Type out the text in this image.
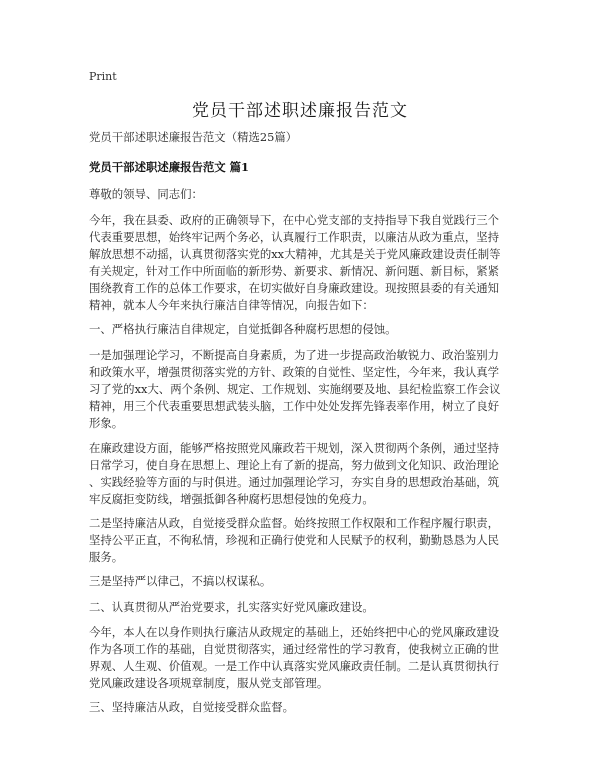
Print
党员干部述职述廉报告范文
党员干部述职述廉报告范文（精选25篇）
党员干部述职述廉报告范文 篇1
尊敬的领导、同志们：
今年，我在县委、政府的正确领导下，在中心党支部的支持指导下我自觉践行三个
代表重要思想，始终牢记两个务必，认真履行工作职责，以廉洁从政为重点，坚持
解放思想不动摇，认真贯彻落实党的xx大精神，尤其是关于党风廉政建设责任制等
有关规定，针对工作中所面临的新形势、新要求、新情况、新问题、新目标，紧紧
围绕教育工作的总体工作要求，在切实做好自身廉政建设。现按照县委的有关通知
精神，就本人今年来执行廉洁自律等情况，向报告如下：
一、严格执行廉洁自律规定，自觉抵御各种腐朽思想的侵蚀。
一是加强理论学习，不断提高自身素质，为了进一步提高政治敏锐力、政治鉴别力
和政策水平，增强贯彻落实党的方针、政策的自觉性、坚定性，今年来，我认真学
习了党的xx大、两个条例、规定、工作规划、实施纲要及地、县纪检监察工作会议
精神，用三个代表重要思想武装头脑，工作中处处发挥先锋表率作用，树立了良好
形象。
在廉政建设方面，能够严格按照党风廉政若干规划，深入贯彻两个条例，通过坚持
日常学习，使自身在思想上、理论上有了新的提高，努力做到文化知识、政治理论
、实践经验等方面的与时俱进。通过加强理论学习，夯实自身的思想政治基础，筑
牢反腐拒变防线，增强抵御各种腐朽思想侵蚀的免疫力。
二是坚持廉洁从政，自觉接受群众监督。始终按照工作权限和工作程序履行职责，
坚持公平正直，不徇私情，珍视和正确行使党和人民赋予的权利，勤勤恳恳为人民
服务。
三是坚持严以律己，不搞以权谋私。
二、认真贯彻从严治党要求，扎实落实好党风廉政建设。
今年，本人在以身作则执行廉洁从政规定的基础上，还始终把中心的党风廉政建设
作为各项工作的基础，自觉贯彻落实，通过经常性的学习教育，使我树立正确的世
界观、人生观、价值观。一是工作中认真落实党风廉政责任制。二是认真贯彻执行
党风廉政建设各项规章制度，服从党支部管理。
三、坚持廉洁从政，自觉接受群众监督。
